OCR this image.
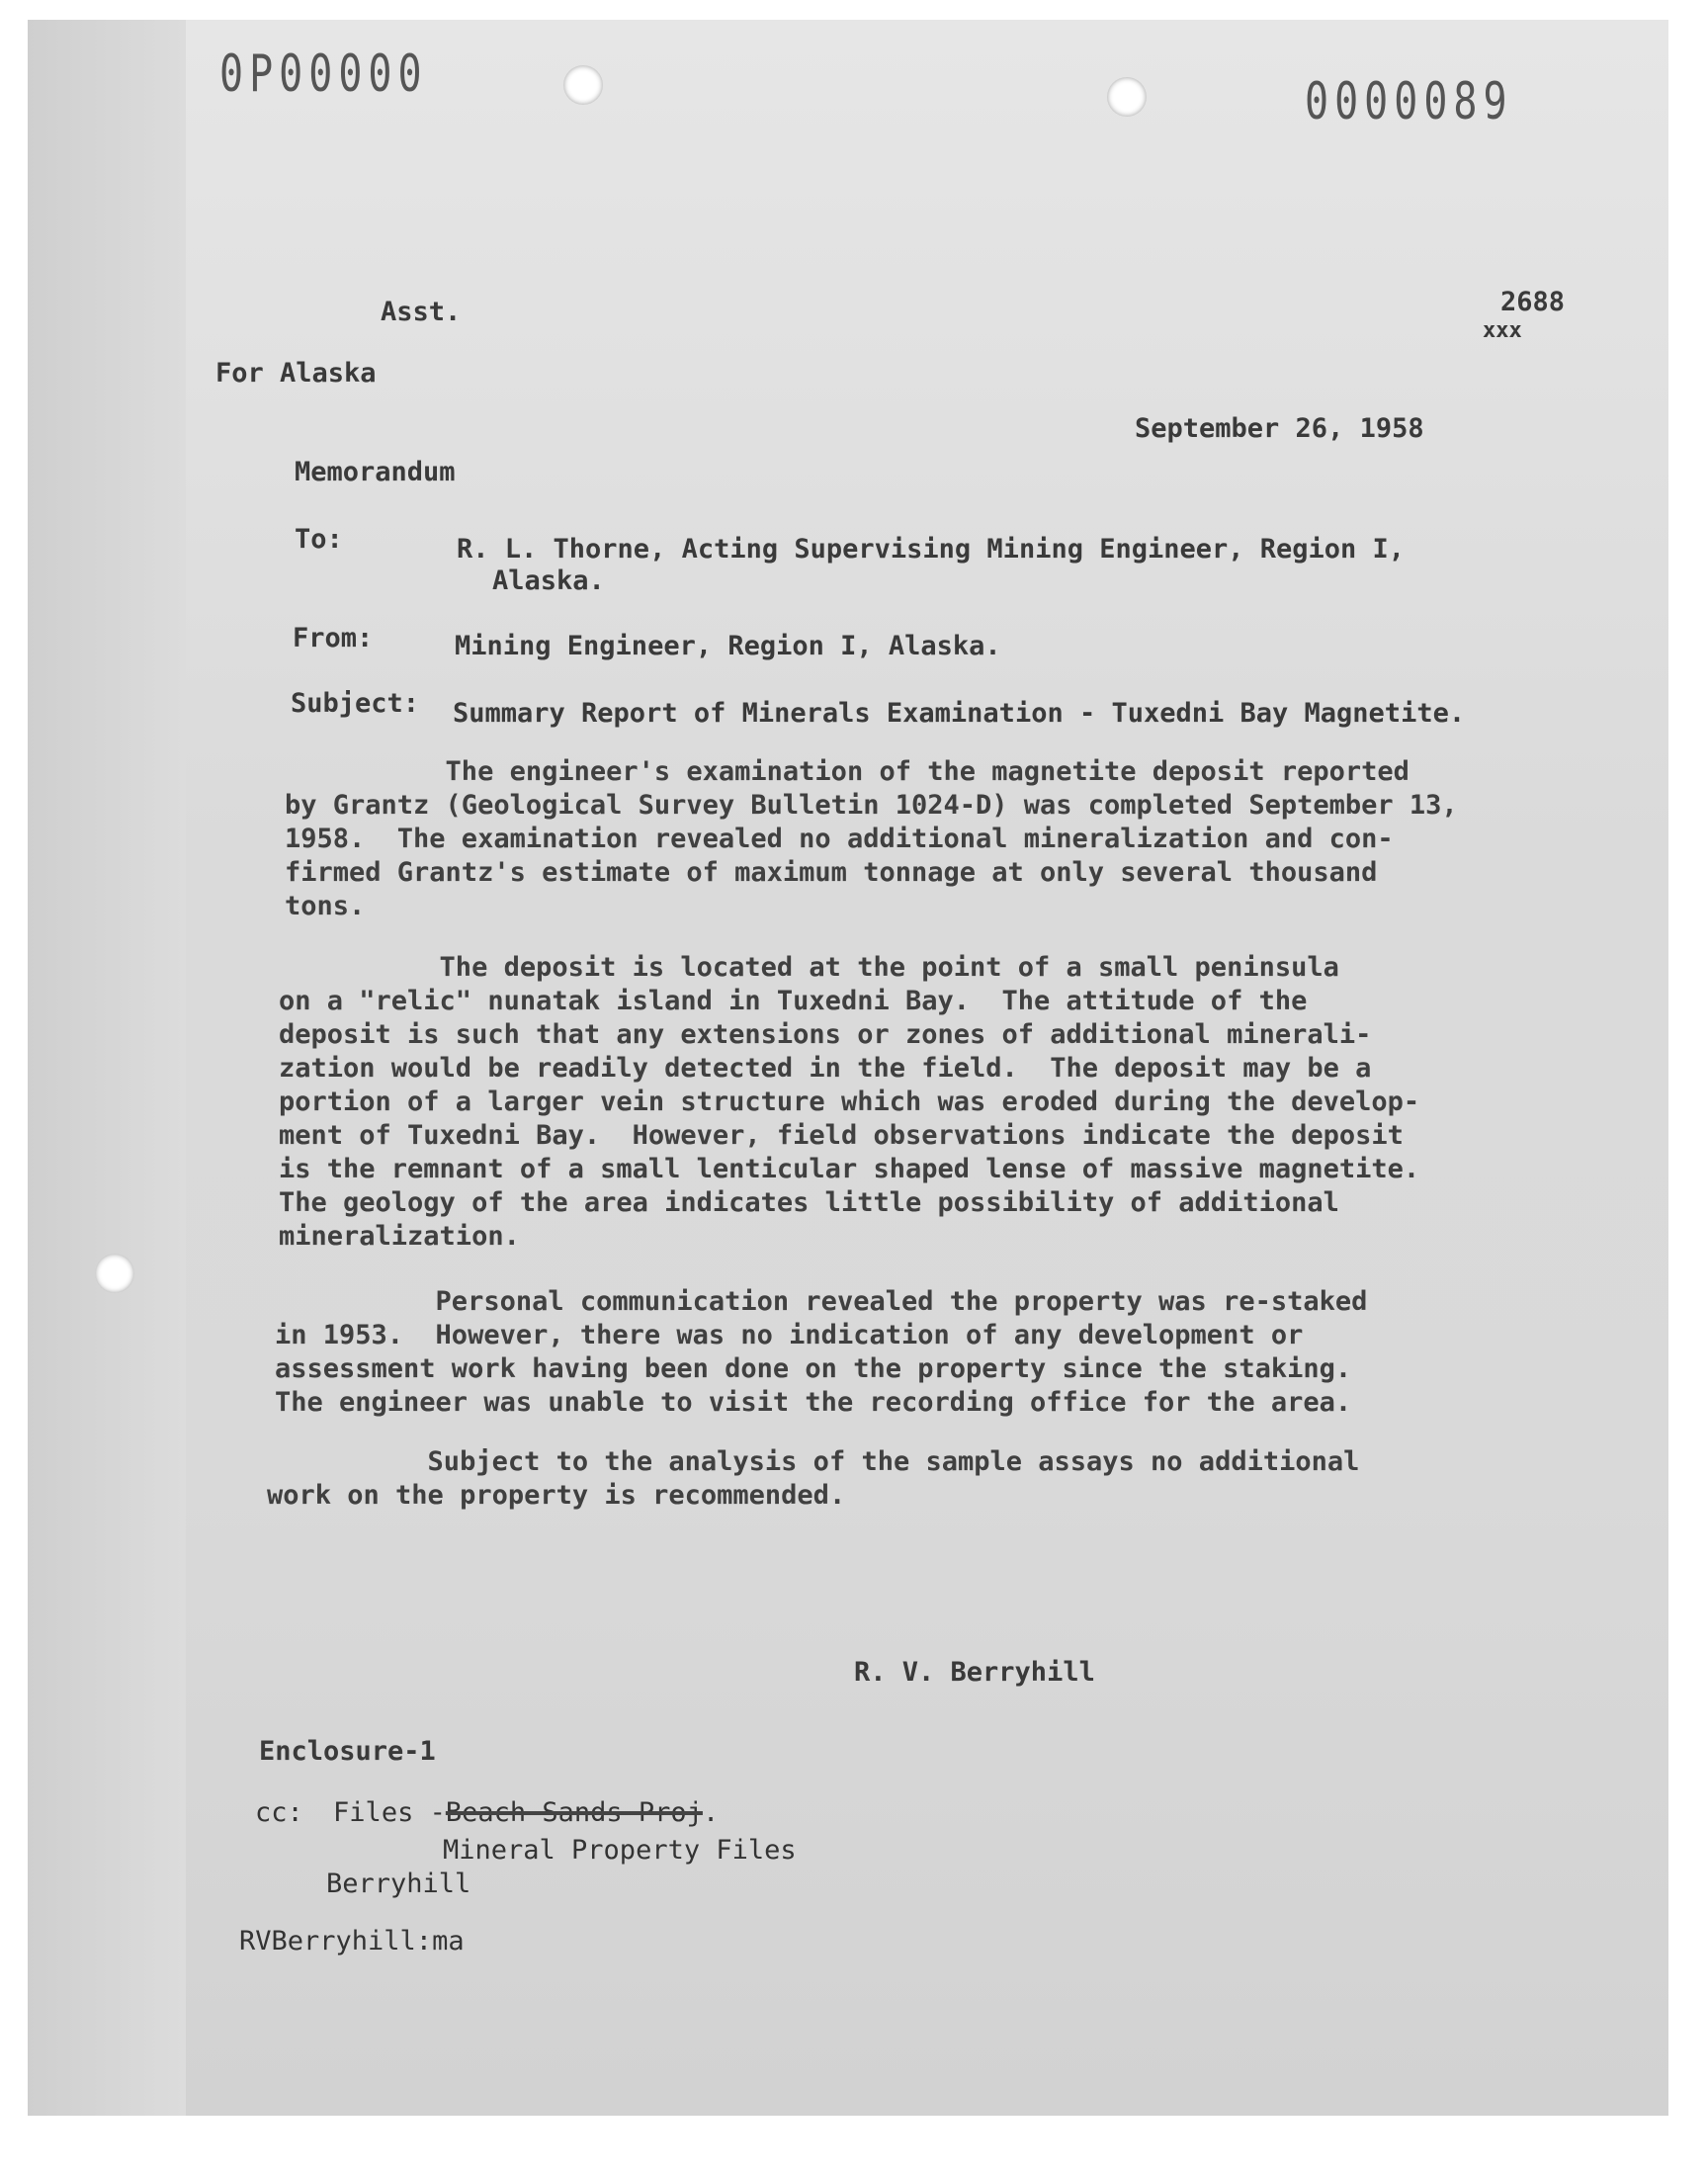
0P00000	0000089
2688
xxx
Asst.
For Alaska
September 26, 1958
Memorandum
To:	R. L. Thorne, Acting Supervising Mining Engineer, Region I,
Alaska.
From:	Mining Engineer, Region I, Alaska.
Subject: Summary Report of Minerals Examination - Tuxedni Bay Magnetite.
The engineer's examination of the magnetite deposit reported
by Grantz (Geological Survey Bulletin 1024-D) was completed September 13,
1958.  The examination revealed no additional mineralization and con-
firmed Grantz's estimate of maximum tonnage at only several thousand
tons.
The deposit is located at the point of a small peninsula
on a "relic" nunatak island in Tuxedni Bay.  The attitude of the
deposit is such that any extensions or zones of additional minerali-
zation would be readily detected in the field.  The deposit may be a
portion of a larger vein structure which was eroded during the develop-
ment of Tuxedni Bay.  However, field observations indicate the deposit
is the remnant of a small lenticular shaped lense of massive magnetite.
The geology of the area indicates little possibility of additional
mineralization.
Personal communication revealed the property was re-staked
in 1953.  However, there was no indication of any development or
assessment work having been done on the property since the staking.
The engineer was unable to visit the recording office for the area.
Subject to the analysis of the sample assays no additional
work on the property is recommended.
R. V. Berryhill
Enclosure-1
cc: Files -Beach Sands Proj.
Mineral Property Files
Berryhill
RVBerryhill:ma
